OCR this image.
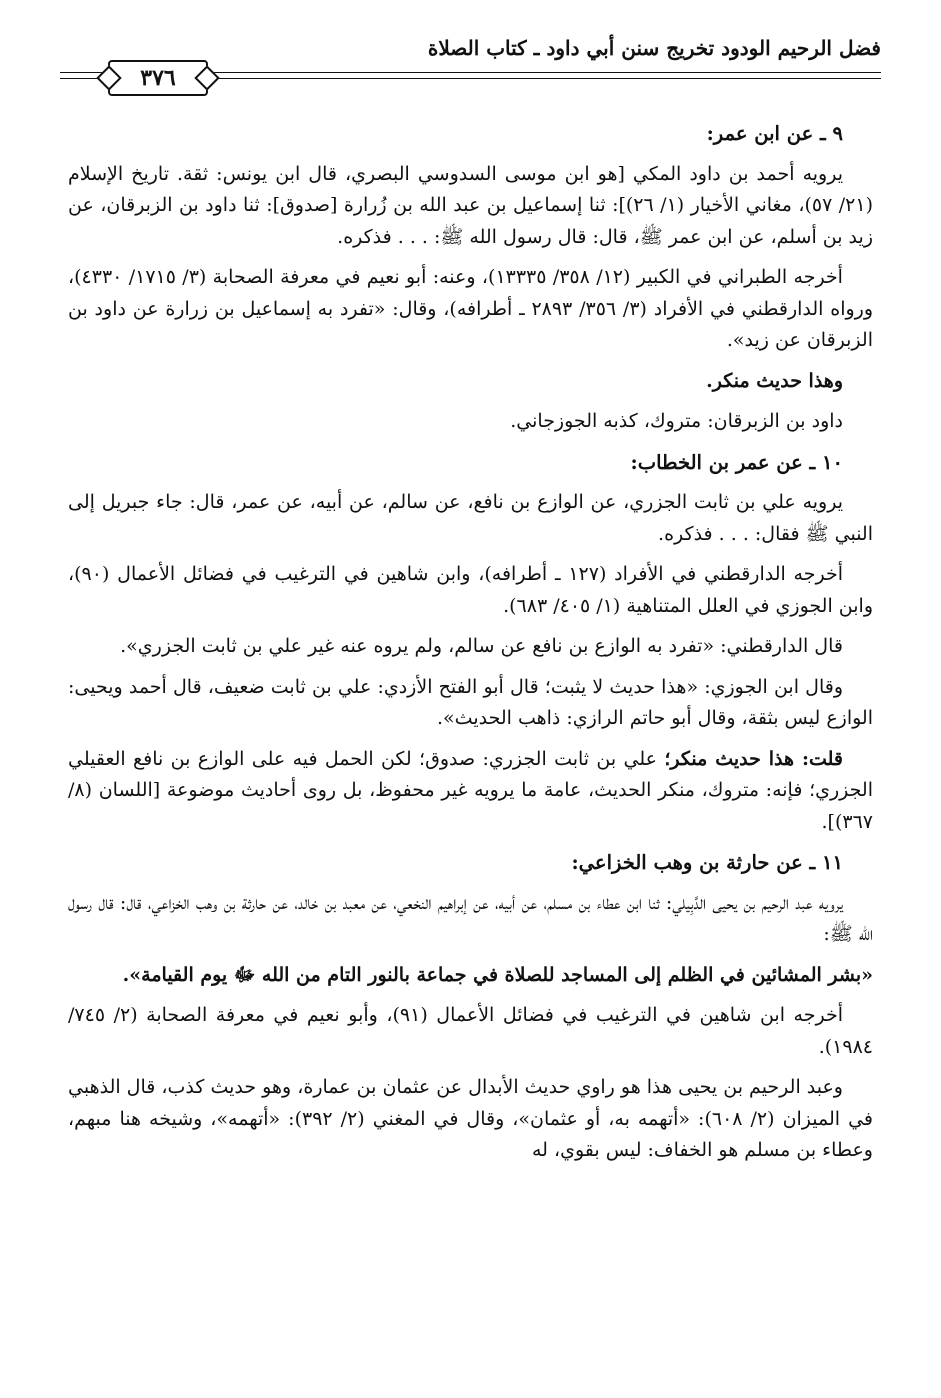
فضل الرحيم الودود تخريج سنن أبي داود ـ كتاب الصلاة
٣٧٦

٩ ـ عن ابن عمر:

يرويه أحمد بن داود المكي [هو ابن موسى السدوسي البصري، قال ابن يونس: ثقة. تاريخ الإسلام (٢١/ ٥٧)، مغاني الأخيار (١/ ٢٦)]: ثنا إسماعيل بن عبد الله بن زُرارة [صدوق]: ثنا داود بن الزبرقان، عن زيد بن أسلم، عن ابن عمر ﷺ، قال: قال رسول الله ﷺ: . . . فذكره.

أخرجه الطبراني في الكبير (١٢/ ٣٥٨/ ١٣٣٣٥)، وعنه: أبو نعيم في معرفة الصحابة (٣/ ١٧١٥/ ٤٣٣٠)، ورواه الدارقطني في الأفراد (٣/ ٣٥٦/ ٢٨٩٣ ـ أطرافه)، وقال: «تفرد به إسماعيل بن زرارة عن داود بن الزبرقان عن زيد».

وهذا حديث منكر.

داود بن الزبرقان: متروك، كذبه الجوزجاني.

١٠ ـ عن عمر بن الخطاب:

يرويه علي بن ثابت الجزري، عن الوازع بن نافع، عن سالم، عن أبيه، عن عمر، قال: جاء جبريل إلى النبي ﷺ فقال: . . . فذكره.

أخرجه الدارقطني في الأفراد (١٢٧ ـ أطرافه)، وابن شاهين في الترغيب في فضائل الأعمال (٩٠)، وابن الجوزي في العلل المتناهية (١/ ٤٠٥/ ٦٨٣).

قال الدارقطني: «تفرد به الوازع بن نافع عن سالم، ولم يروه عنه غير علي بن ثابت الجزري».

وقال ابن الجوزي: «هذا حديث لا يثبت؛ قال أبو الفتح الأزدي: علي بن ثابت ضعيف، قال أحمد ويحيى: الوازع ليس بثقة، وقال أبو حاتم الرازي: ذاهب الحديث».

قلت: هذا حديث منكر؛ علي بن ثابت الجزري: صدوق؛ لكن الحمل فيه على الوازع بن نافع العقيلي الجزري؛ فإنه: متروك، منكر الحديث، عامة ما يرويه غير محفوظ، بل روى أحاديث موضوعة [اللسان (٨/ ٣٦٧)].

١١ ـ عن حارثة بن وهب الخزاعي:

يرويه عبد الرحيم بن يحيى الدَّبِيلي: ثنا ابن عطاء بن مسلم، عن أبيه، عن إبراهيم النخعي، عن معبد بن خالد، عن حارثة بن وهب الخزاعي، قال: قال رسول الله ﷺ:

«بشر المشائين في الظلم إلى المساجد للصلاة في جماعة بالنور التام من الله ﷻ يوم القيامة».

أخرجه ابن شاهين في الترغيب في فضائل الأعمال (٩١)، وأبو نعيم في معرفة الصحابة (٢/ ٧٤٥/ ١٩٨٤).

وعبد الرحيم بن يحيى هذا هو راوي حديث الأبدال عن عثمان بن عمارة، وهو حديث كذب، قال الذهبي في الميزان (٢/ ٦٠٨): «أتهمه به، أو عثمان»، وقال في المغني (٢/ ٣٩٢): «أتهمه»، وشيخه هنا مبهم، وعطاء بن مسلم هو الخفاف: ليس بقوي، له
